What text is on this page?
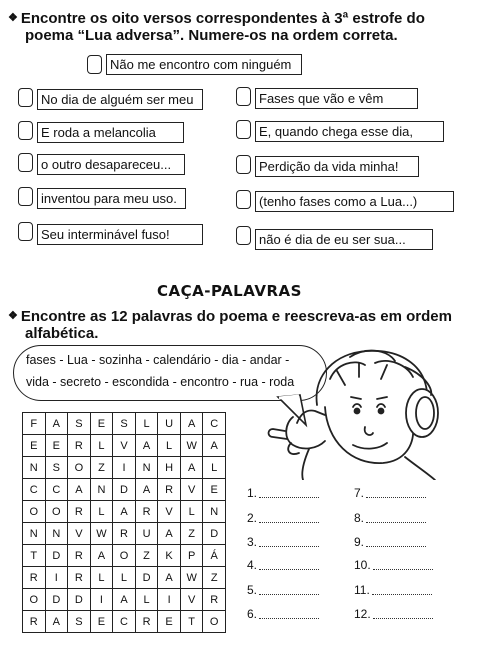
❖ Encontre os oito versos correspondentes à 3ª estrofe do
poema “Lua adversa”. Numere-os na ordem correta.
Não me encontro com ninguém
No dia de alguém ser meu
E roda a melancolia
o outro desapareceu...
inventou para meu uso.
Seu interminável fuso!
Fases que vão e vêm
E, quando chega esse dia,
Perdição da vida minha!
(tenho fases como a Lua...)
não é dia de eu ser sua...
CAÇA-PALAVRAS
❖ Encontre as 12 palavras do poema e reescreva-as em ordem
alfabética.
fases - Lua - sozinha - calendário - dia - andar -
vida - secreto - escondida - encontro - rua - roda
F	A	S	E	S	L	U	A	C
E	E	R	L	V	A	L	W	A
N	S	O	Z	I	N	H	A	L
C	C	A	N	D	A	R	V	E
O	O	R	L	A	R	V	L	N
N	N	V	W	R	U	A	Z	D
T	D	R	A	O	Z	K	P	Á
R	I	R	L	L	D	A	W	Z
O	D	D	I	A	L	I	V	R
R	A	S	E	C	R	E	T	O
1.
2.
3.
4.
5.
6.
7.
8.
9.
10.
11.
12.
